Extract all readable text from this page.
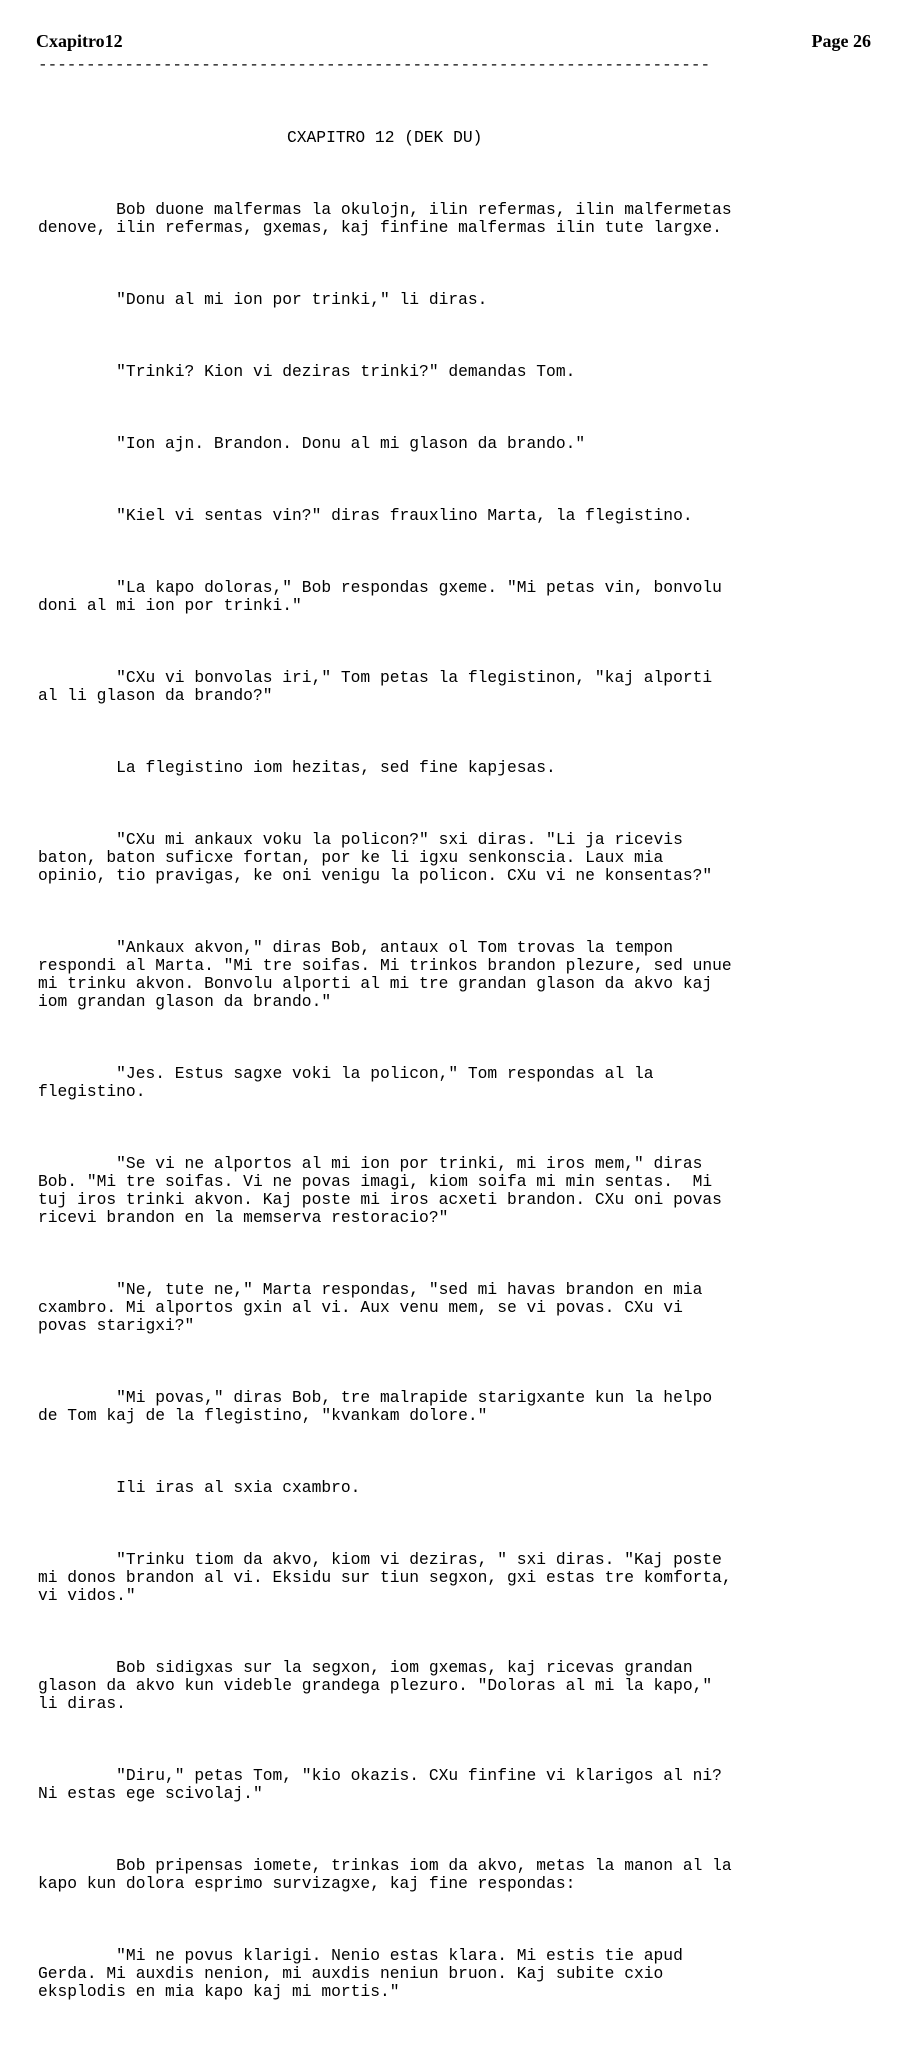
Cxapitro12	Page 26
----------------------------------------------------------------------

CXAPITRO 12 (DEK DU)

Bob duone malfermas la okulojn, ilin refermas, ilin malfermetas
denove, ilin refermas, gxemas, kaj finfine malfermas ilin tute largxe.

"Donu al mi ion por trinki," li diras.

"Trinki? Kion vi deziras trinki?" demandas Tom.

"Ion ajn. Brandon. Donu al mi glason da brando."

"Kiel vi sentas vin?" diras frauxlino Marta, la flegistino.

"La kapo doloras," Bob respondas gxeme. "Mi petas vin, bonvolu
doni al mi ion por trinki."

"CXu vi bonvolas iri," Tom petas la flegistinon, "kaj alporti
al li glason da brando?"

La flegistino iom hezitas, sed fine kapjesas.

"CXu mi ankaux voku la policon?" sxi diras. "Li ja ricevis
baton, baton suficxe fortan, por ke li igxu senkonscia. Laux mia
opinio, tio pravigas, ke oni venigu la policon. CXu vi ne konsentas?"

"Ankaux akvon," diras Bob, antaux ol Tom trovas la tempon
respondi al Marta. "Mi tre soifas. Mi trinkos brandon plezure, sed unue
mi trinku akvon. Bonvolu alporti al mi tre grandan glason da akvo kaj
iom grandan glason da brando."

"Jes. Estus sagxe voki la policon," Tom respondas al la
flegistino.

"Se vi ne alportos al mi ion por trinki, mi iros mem," diras
Bob. "Mi tre soifas. Vi ne povas imagi, kiom soifa mi min sentas.  Mi
tuj iros trinki akvon. Kaj poste mi iros acxeti brandon. CXu oni povas
ricevi brandon en la memserva restoracio?"

"Ne, tute ne," Marta respondas, "sed mi havas brandon en mia
cxambro. Mi alportos gxin al vi. Aux venu mem, se vi povas. CXu vi
povas starigxi?"

"Mi povas," diras Bob, tre malrapide starigxante kun la helpo
de Tom kaj de la flegistino, "kvankam dolore."

Ili iras al sxia cxambro.

"Trinku tiom da akvo, kiom vi deziras, " sxi diras. "Kaj poste
mi donos brandon al vi. Eksidu sur tiun segxon, gxi estas tre komforta,
vi vidos."

Bob sidigxas sur la segxon, iom gxemas, kaj ricevas grandan
glason da akvo kun videble grandega plezuro. "Doloras al mi la kapo,"
li diras.

"Diru," petas Tom, "kio okazis. CXu finfine vi klarigos al ni?
Ni estas ege scivolaj."

Bob pripensas iomete, trinkas iom da akvo, metas la manon al la
kapo kun dolora esprimo survizagxe, kaj fine respondas:

"Mi ne povus klarigi. Nenio estas klara. Mi estis tie apud
Gerda. Mi auxdis nenion, mi auxdis neniun bruon. Kaj subite cxio
eksplodis en mia kapo kaj mi mortis."
